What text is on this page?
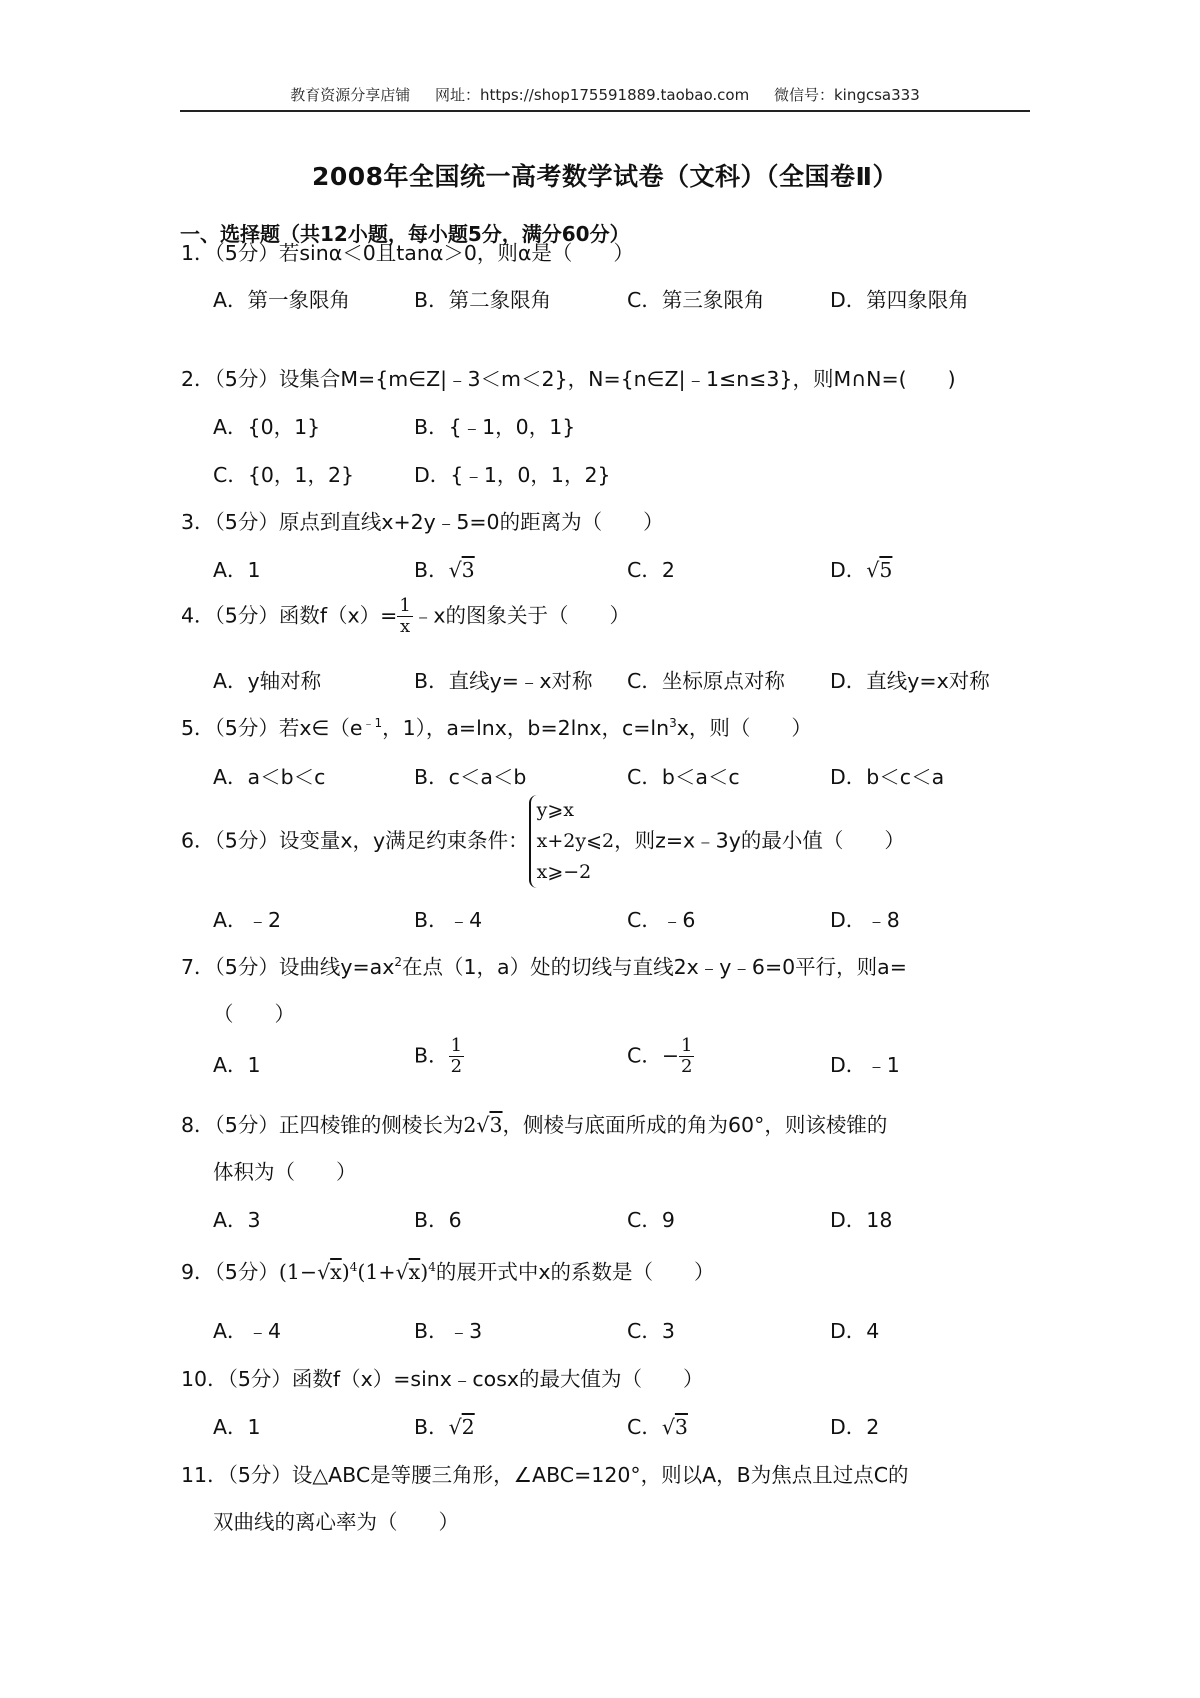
教育资源分享店铺 网址：https://shop175591889.taobao.com 微信号：kingcsa333
2008年全国统一高考数学试卷（文科）（全国卷Ⅱ）
一、选择题（共12小题，每小题5分，满分60分）
1．（5分）若sinα＜0且tanα＞0，则α是（　　）
A．第一象限角	B．第二象限角	C．第三象限角	D．第四象限角
2．（5分）设集合M={m∈Z|﹣3＜m＜2}，N={n∈Z|﹣1≤n≤3}，则M∩N=(　　)
A．{0，1}	B．{﹣1，0，1}
C．{0，1，2}	D．{﹣1，0，1，2}
3．（5分）原点到直线x+2y﹣5=0的距离为（　　）
A．1	B．√3	C．2	D．√5
4．（5分）函数$f(x)= \frac{1}{x}$ ﹣x的图象关于（　　）
A．y轴对称	B．直线y=﹣x对称 C．坐标原点对称 D．直线y=x对称
5．（5分）若$x\in(e^{﹣1}$，1），a=lnx，b=2lnx，$c=\ln^3x$，则（　　）
A．a＜b＜c	B．c＜a＜b	C．b＜a＜c	D．b＜c＜a
6．（5分）设变量x，y满足约束条件：
y⩾x
x+2y⩽2
x⩾−2
，则z=x﹣3y的最小值（　　）
A．﹣2	B．﹣4	C．﹣6	D．﹣8
7．（5分）设曲线$y=ax^2$在点（1，a）处的切线与直线2x﹣y﹣6=0平行，则a=
（　　）
A．1	B． $\frac{1}{2}$	C．− $\frac{1}{2}$	D．﹣1
8．（5分）正四棱锥的侧棱长为2√3，侧棱与底面所成的角为60°，则该棱锥的
体积为（　　）
A．3	B．6	C．9	D．18
9．（5分）$(1-√x)^4(1+√x)^4$的展开式中x的系数是（　　）
A．﹣4	B．﹣3	C．3	D．4
10．（5分）函数f（x）=sinx﹣cosx的最大值为（　　）
A．1	B．√2	C．√3	D．2
11．（5分）设△ABC是等腰三角形，∠ABC=120°，则以A，B为焦点且过点C的
双曲线的离心率为（　　）
